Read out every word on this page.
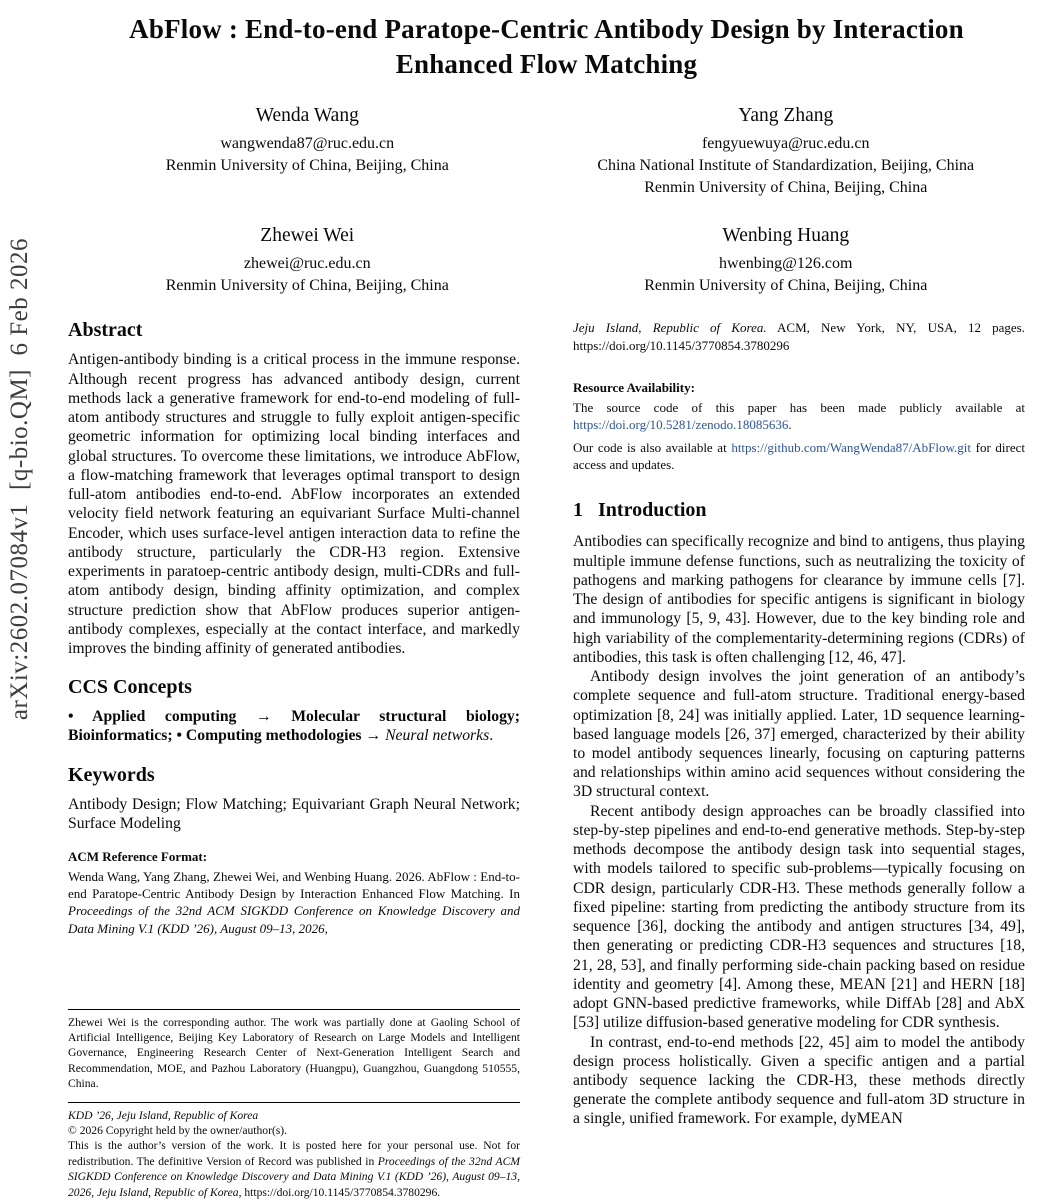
arXiv:2602.07084v1  [q-bio.QM]  6 Feb 2026
AbFlow : End-to-end Paratope-Centric Antibody Design by Interaction Enhanced Flow Matching
Wenda Wang
wangwenda87@ruc.edu.cn
Renmin University of China, Beijing, China
Yang Zhang
fengyuewuya@ruc.edu.cn
China National Institute of Standardization, Beijing, China
Renmin University of China, Beijing, China
Zhewei Wei
zhewei@ruc.edu.cn
Renmin University of China, Beijing, China
Wenbing Huang
hwenbing@126.com
Renmin University of China, Beijing, China
Abstract

Antigen-antibody binding is a critical process in the immune response. Although recent progress has advanced antibody design, current methods lack a generative framework for end-to-end modeling of full-atom antibody structures and struggle to fully exploit antigen-specific geometric information for optimizing local binding interfaces and global structures. To overcome these limitations, we introduce AbFlow, a flow-matching framework that leverages optimal transport to design full-atom antibodies end-to-end. AbFlow incorporates an extended velocity field network featuring an equivariant Surface Multi-channel Encoder, which uses surface-level antigen interaction data to refine the antibody structure, particularly the CDR-H3 region. Extensive experiments in paratoep-centric antibody design, multi-CDRs and full-atom antibody design, binding affinity optimization, and complex structure prediction show that AbFlow produces superior antigen-antibody complexes, especially at the contact interface, and markedly improves the binding affinity of generated antibodies.

CCS Concepts

• Applied computing → Molecular structural biology; Bioinformatics; • Computing methodologies → Neural networks.

Keywords

Antibody Design; Flow Matching; Equivariant Graph Neural Network; Surface Modeling

ACM Reference Format:

Wenda Wang, Yang Zhang, Zhewei Wei, and Wenbing Huang. 2026. AbFlow : End-to-end Paratope-Centric Antibody Design by Interaction Enhanced Flow Matching. In Proceedings of the 32nd ACM SIGKDD Conference on Knowledge Discovery and Data Mining V.1 (KDD ’26), August 09–13, 2026,

Zhewei Wei is the corresponding author. The work was partially done at Gaoling School of Artificial Intelligence, Beijing Key Laboratory of Research on Large Models and Intelligent Governance, Engineering Research Center of Next-Generation Intelligent Search and Recommendation, MOE, and Pazhou Laboratory (Huangpu), Guangzhou, Guangdong 510555, China.

KDD ’26, Jeju Island, Republic of Korea

© 2026 Copyright held by the owner/author(s).

This is the author’s version of the work. It is posted here for your personal use. Not for redistribution. The definitive Version of Record was published in Proceedings of the 32nd ACM SIGKDD Conference on Knowledge Discovery and Data Mining V.1 (KDD ’26), August 09–13, 2026, Jeju Island, Republic of Korea, https://doi.org/10.1145/3770854.3780296.

Jeju Island, Republic of Korea. ACM, New York, NY, USA, 12 pages. https://doi.org/10.1145/3770854.3780296

Resource Availability:

The source code of this paper has been made publicly available at https://doi.org/10.5281/zenodo.18085636.

Our code is also available at https://github.com/WangWenda87/AbFlow.git for direct access and updates.

1 Introduction

Antibodies can specifically recognize and bind to antigens, thus playing multiple immune defense functions, such as neutralizing the toxicity of pathogens and marking pathogens for clearance by immune cells [7]. The design of antibodies for specific antigens is significant in biology and immunology [5, 9, 43]. However, due to the key binding role and high variability of the complementarity-determining regions (CDRs) of antibodies, this task is often challenging [12, 46, 47].

Antibody design involves the joint generation of an antibody’s complete sequence and full-atom structure. Traditional energy-based optimization [8, 24] was initially applied. Later, 1D sequence learning-based language models [26, 37] emerged, characterized by their ability to model antibody sequences linearly, focusing on capturing patterns and relationships within amino acid sequences without considering the 3D structural context.

Recent antibody design approaches can be broadly classified into step-by-step pipelines and end-to-end generative methods. Step-by-step methods decompose the antibody design task into sequential stages, with models tailored to specific sub-problems—typically focusing on CDR design, particularly CDR-H3. These methods generally follow a fixed pipeline: starting from predicting the antibody structure from its sequence [36], docking the antibody and antigen structures [34, 49], then generating or predicting CDR-H3 sequences and structures [18, 21, 28, 53], and finally performing side-chain packing based on residue identity and geometry [4]. Among these, MEAN [21] and HERN [18] adopt GNN-based predictive frameworks, while DiffAb [28] and AbX [53] utilize diffusion-based generative modeling for CDR synthesis.

In contrast, end-to-end methods [22, 45] aim to model the antibody design process holistically. Given a specific antigen and a partial antibody sequence lacking the CDR-H3, these methods directly generate the complete antibody sequence and full-atom 3D structure in a single, unified framework. For example, dyMEAN
